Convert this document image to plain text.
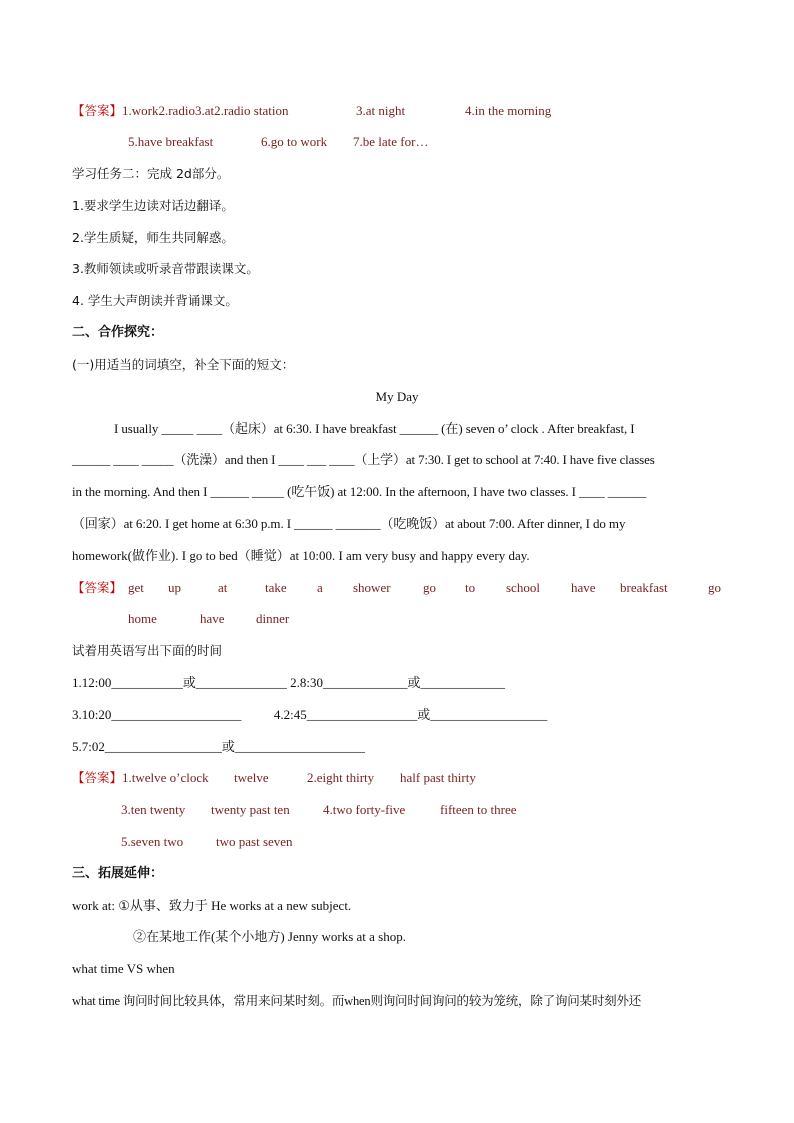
【答案】1.work2.radio3.at2.radio station	3.at night	4.in the morning
5.have breakfast	6.go to work 7.be late for…
学习任务二：完成 2d部分。
1.要求学生边读对话边翻译。
2.学生质疑，师生共同解惑。
3.教师领读或听录音带跟读课文。
4. 学生大声朗读并背诵课文。
二、合作探究：
(一)用适当的词填空，补全下面的短文：
My Day
I usually _____ ____（起床）at 6:30. I have breakfast ______ (在) seven o’ clock . After breakfast, I
______ ____ _____（洗澡）and then I ____ ___ ____（上学）at 7:30. I get to school at 7:40. I have five classes
in the morning. And then I ______ _____ (吃午饭) at 12:00. In the afternoon, I have two classes. I ____ ______
（回家）at 6:20. I get home at 6:30 p.m. I ______ _______（吃晚饭）at about 7:00. After dinner, I do my
homework(做作业). I go to bed（睡觉）at 10:00. I am very busy and happy every day.
【答案】 get up	at	take a shower go to school have breakfast	go
home	have dinner
试着用英语写出下面的时间
1.12:00___________或______________ 2.8:30_____________或_____________
3.10:20____________________          4.2:45_________________或__________________
5.7:02__________________或____________________
【答案】1.twelve o’clock twelve	2.eight thirty half past thirty
3.ten twenty twenty past ten	4.two forty-five	fifteen to three
5.seven two	two past seven
三、拓展延伸：
work at: ①从事、致力于 He works at a new subject.
②在某地工作(某个小地方) Jenny works at a shop.
what time VS when
what time 询问时间比较具体，常用来问某时刻。而when则询问时间询问的较为笼统，除了询问某时刻外还
